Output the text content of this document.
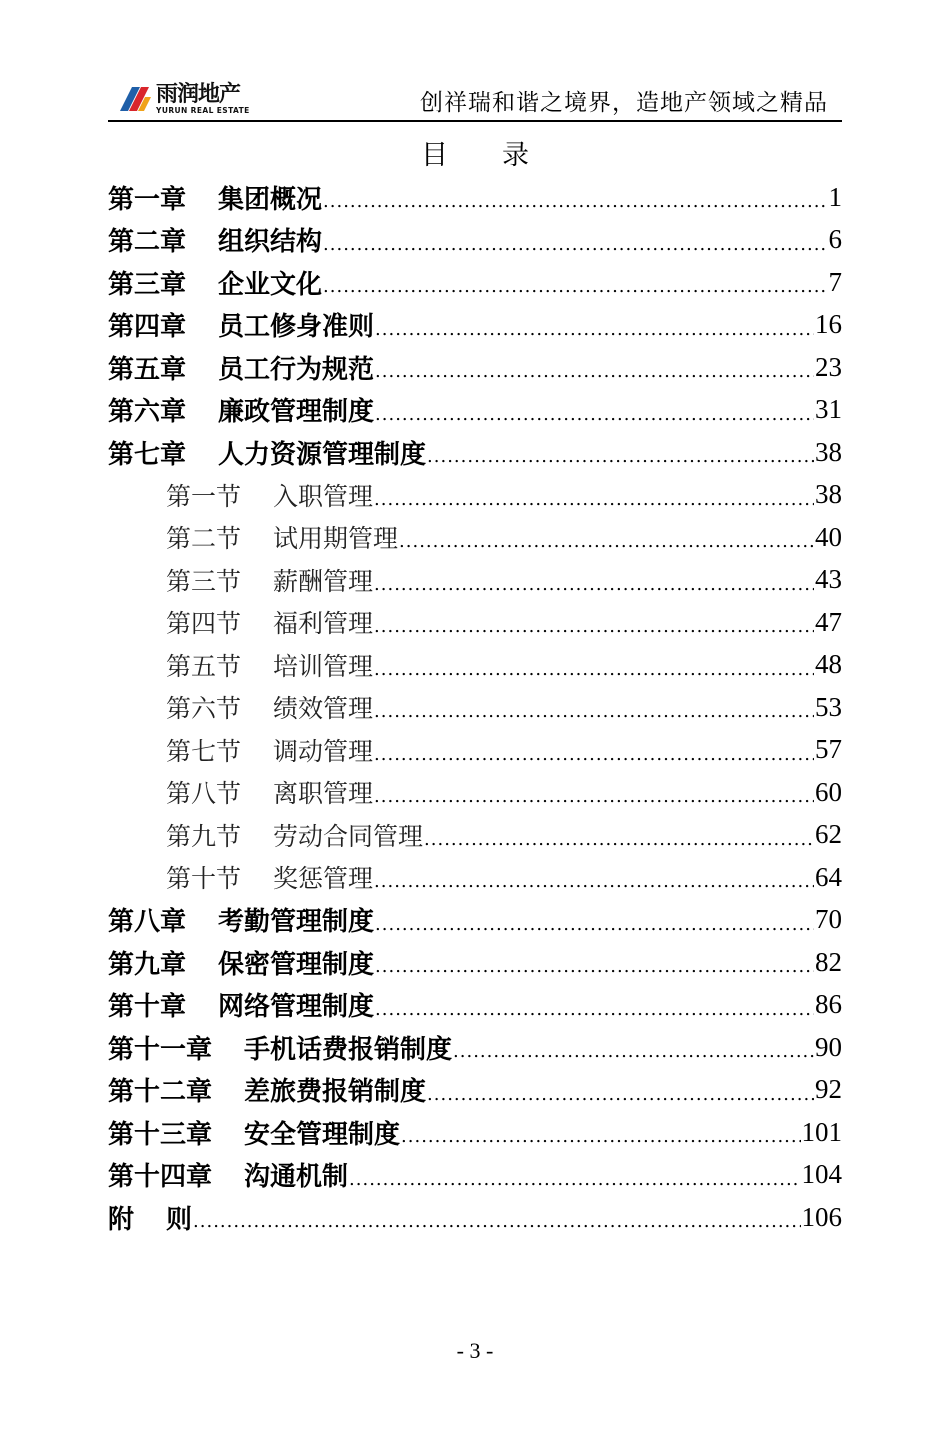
雨润地产
YURUN REAL ESTATE	创祥瑞和谐之境界，造地产领域之精品
目 录
第一章 集团概况 .....	1
第二章 组织结构 .....	6
第三章 企业文化 .....	7
第四章 员工修身准则 .....	16
第五章 员工行为规范 .....	23
第六章 廉政管理制度 .....	31
第七章 人力资源管理制度 .....	38
第一节 入职管理 .....	38
第二节 试用期管理 .....	40
第三节 薪酬管理 .....	43
第四节 福利管理 .....	47
第五节 培训管理 .....	48
第六节 绩效管理 .....	53
第七节 调动管理 .....	57
第八节 离职管理 .....	60
第九节 劳动合同管理 .....	62
第十节 奖惩管理 .....	64
第八章 考勤管理制度 .....	70
第九章 保密管理制度 .....	82
第十章 网络管理制度 .....	86
第十一章 手机话费报销制度 .....	90
第十二章 差旅费报销制度 .....	92
第十三章 安全管理制度 .....	101
第十四章 沟通机制 .....	104
附 则 .....	106
- 3 -
